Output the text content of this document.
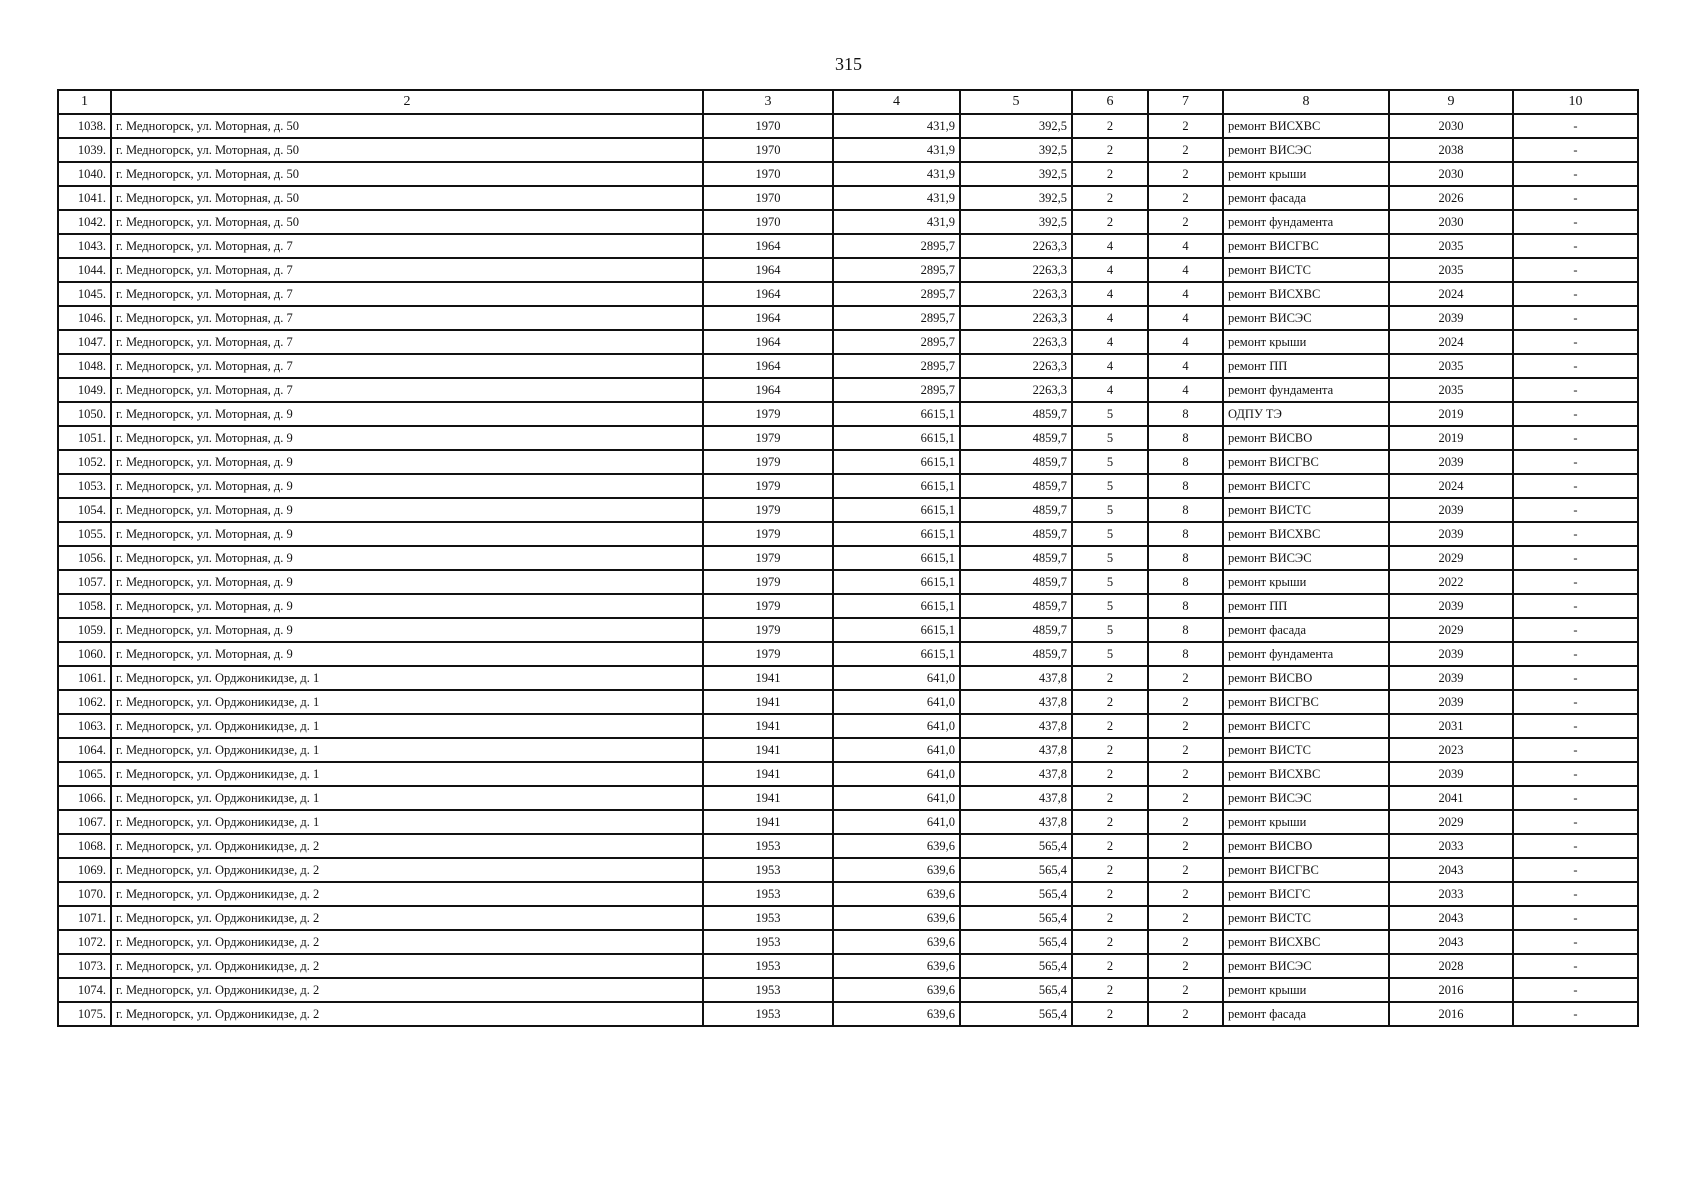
315
1	2	3	4	5	6	7	8	9	10
1038.	г. Медногорск, ул. Моторная, д. 50	1970	431,9	392,5	2	2	ремонт ВИСХВС	2030	-
1039.	г. Медногорск, ул. Моторная, д. 50	1970	431,9	392,5	2	2	ремонт ВИСЭС	2038	-
1040.	г. Медногорск, ул. Моторная, д. 50	1970	431,9	392,5	2	2	ремонт крыши	2030	-
1041.	г. Медногорск, ул. Моторная, д. 50	1970	431,9	392,5	2	2	ремонт фасада	2026	-
1042.	г. Медногорск, ул. Моторная, д. 50	1970	431,9	392,5	2	2	ремонт фундамента	2030	-
1043.	г. Медногорск, ул. Моторная, д. 7	1964	2895,7	2263,3	4	4	ремонт ВИСГВС	2035	-
1044.	г. Медногорск, ул. Моторная, д. 7	1964	2895,7	2263,3	4	4	ремонт ВИСТС	2035	-
1045.	г. Медногорск, ул. Моторная, д. 7	1964	2895,7	2263,3	4	4	ремонт ВИСХВС	2024	-
1046.	г. Медногорск, ул. Моторная, д. 7	1964	2895,7	2263,3	4	4	ремонт ВИСЭС	2039	-
1047.	г. Медногорск, ул. Моторная, д. 7	1964	2895,7	2263,3	4	4	ремонт крыши	2024	-
1048.	г. Медногорск, ул. Моторная, д. 7	1964	2895,7	2263,3	4	4	ремонт ПП	2035	-
1049.	г. Медногорск, ул. Моторная, д. 7	1964	2895,7	2263,3	4	4	ремонт фундамента	2035	-
1050.	г. Медногорск, ул. Моторная, д. 9	1979	6615,1	4859,7	5	8	ОДПУ ТЭ	2019	-
1051.	г. Медногорск, ул. Моторная, д. 9	1979	6615,1	4859,7	5	8	ремонт ВИСВО	2019	-
1052.	г. Медногорск, ул. Моторная, д. 9	1979	6615,1	4859,7	5	8	ремонт ВИСГВС	2039	-
1053.	г. Медногорск, ул. Моторная, д. 9	1979	6615,1	4859,7	5	8	ремонт ВИСГС	2024	-
1054.	г. Медногорск, ул. Моторная, д. 9	1979	6615,1	4859,7	5	8	ремонт ВИСТС	2039	-
1055.	г. Медногорск, ул. Моторная, д. 9	1979	6615,1	4859,7	5	8	ремонт ВИСХВС	2039	-
1056.	г. Медногорск, ул. Моторная, д. 9	1979	6615,1	4859,7	5	8	ремонт ВИСЭС	2029	-
1057.	г. Медногорск, ул. Моторная, д. 9	1979	6615,1	4859,7	5	8	ремонт крыши	2022	-
1058.	г. Медногорск, ул. Моторная, д. 9	1979	6615,1	4859,7	5	8	ремонт ПП	2039	-
1059.	г. Медногорск, ул. Моторная, д. 9	1979	6615,1	4859,7	5	8	ремонт фасада	2029	-
1060.	г. Медногорск, ул. Моторная, д. 9	1979	6615,1	4859,7	5	8	ремонт фундамента	2039	-
1061.	г. Медногорск, ул. Орджоникидзе, д. 1	1941	641,0	437,8	2	2	ремонт ВИСВО	2039	-
1062.	г. Медногорск, ул. Орджоникидзе, д. 1	1941	641,0	437,8	2	2	ремонт ВИСГВС	2039	-
1063.	г. Медногорск, ул. Орджоникидзе, д. 1	1941	641,0	437,8	2	2	ремонт ВИСГС	2031	-
1064.	г. Медногорск, ул. Орджоникидзе, д. 1	1941	641,0	437,8	2	2	ремонт ВИСТС	2023	-
1065.	г. Медногорск, ул. Орджоникидзе, д. 1	1941	641,0	437,8	2	2	ремонт ВИСХВС	2039	-
1066.	г. Медногорск, ул. Орджоникидзе, д. 1	1941	641,0	437,8	2	2	ремонт ВИСЭС	2041	-
1067.	г. Медногорск, ул. Орджоникидзе, д. 1	1941	641,0	437,8	2	2	ремонт крыши	2029	-
1068.	г. Медногорск, ул. Орджоникидзе, д. 2	1953	639,6	565,4	2	2	ремонт ВИСВО	2033	-
1069.	г. Медногорск, ул. Орджоникидзе, д. 2	1953	639,6	565,4	2	2	ремонт ВИСГВС	2043	-
1070.	г. Медногорск, ул. Орджоникидзе, д. 2	1953	639,6	565,4	2	2	ремонт ВИСГС	2033	-
1071.	г. Медногорск, ул. Орджоникидзе, д. 2	1953	639,6	565,4	2	2	ремонт ВИСТС	2043	-
1072.	г. Медногорск, ул. Орджоникидзе, д. 2	1953	639,6	565,4	2	2	ремонт ВИСХВС	2043	-
1073.	г. Медногорск, ул. Орджоникидзе, д. 2	1953	639,6	565,4	2	2	ремонт ВИСЭС	2028	-
1074.	г. Медногорск, ул. Орджоникидзе, д. 2	1953	639,6	565,4	2	2	ремонт крыши	2016	-
1075.	г. Медногорск, ул. Орджоникидзе, д. 2	1953	639,6	565,4	2	2	ремонт фасада	2016	-
